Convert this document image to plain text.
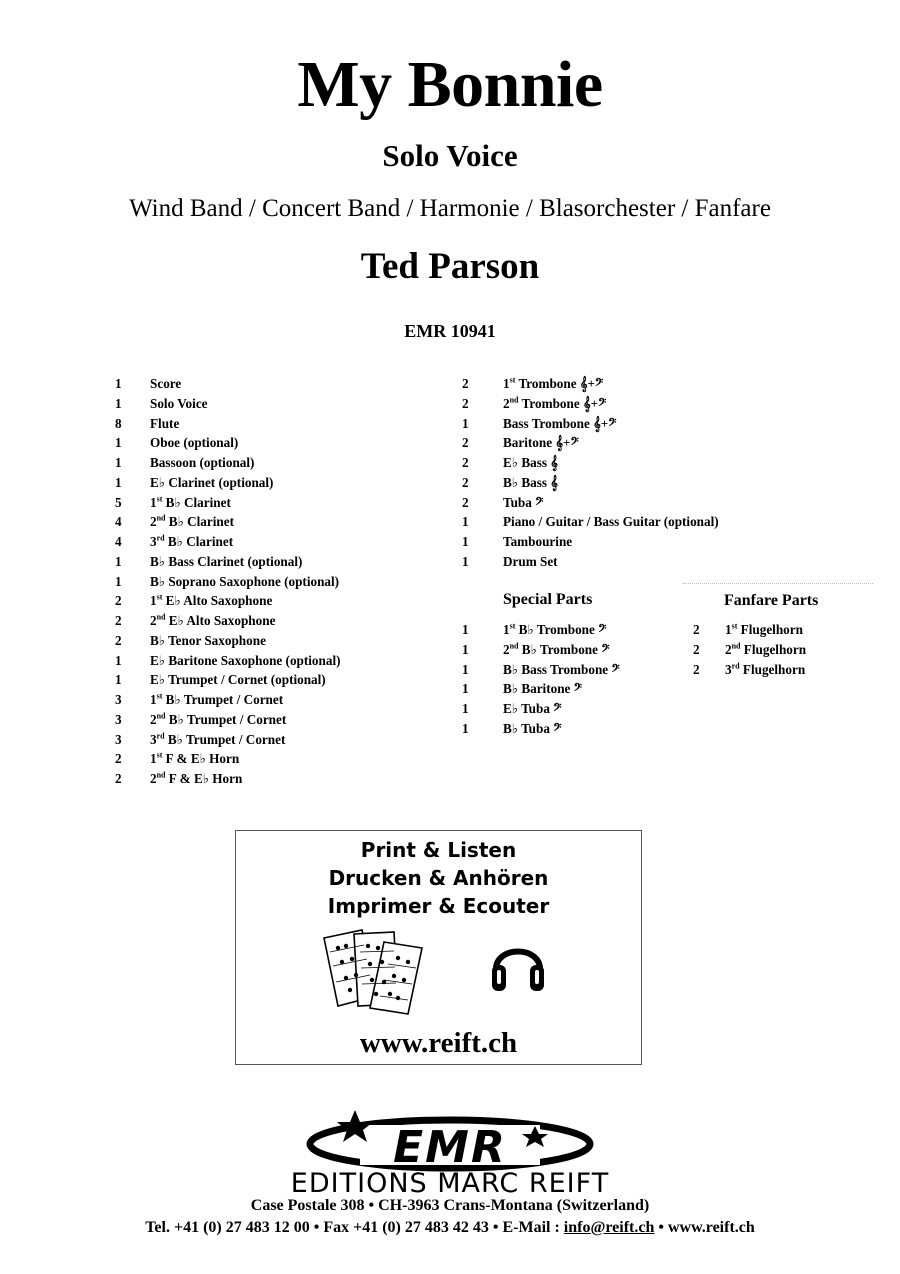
My Bonnie
Solo Voice
Wind Band / Concert Band / Harmonie / Blasorchester / Fanfare
Ted Parson
EMR 10941
1	Score
1	Solo Voice
8	Flute
1	Oboe (optional)
1	Bassoon (optional)
1	E♭ Clarinet (optional)
5	1st B♭ Clarinet
4	2nd B♭ Clarinet
4	3rd B♭ Clarinet
1	B♭ Bass Clarinet (optional)
1	B♭ Soprano Saxophone (optional)
2	1st E♭ Alto Saxophone
2	2nd E♭ Alto Saxophone
2	B♭ Tenor Saxophone
1	E♭ Baritone Saxophone (optional)
1	E♭ Trumpet / Cornet (optional)
3	1st B♭ Trumpet / Cornet
3	2nd B♭ Trumpet / Cornet
3	3rd B♭ Trumpet / Cornet
2	1st F & E♭ Horn
2	2nd F & E♭ Horn
2	1st Trombone 𝄞+𝄢
2	2nd Trombone 𝄞+𝄢
1	Bass Trombone 𝄞+𝄢
2	Baritone 𝄞+𝄢
2	E♭ Bass 𝄞
2	B♭ Bass 𝄞
2	Tuba 𝄢
1	Piano / Guitar / Bass Guitar (optional)
1	Tambourine
1	Drum Set
Special Parts
1	1st B♭ Trombone 𝄢
1	2nd B♭ Trombone 𝄢
1	B♭ Bass Trombone 𝄢
1	B♭ Baritone 𝄢
1	E♭ Tuba 𝄢
1	B♭ Tuba 𝄢
Fanfare Parts
2	1st Flugelhorn
2	2nd Flugelhorn
2	3rd Flugelhorn
Print & Listen
Drucken & Anhören
Imprimer & Ecouter
www.reift.ch
EMR
EDITIONS MARC REIFT
Case Postale 308 • CH-3963 Crans-Montana (Switzerland)
Tel. +41 (0) 27 483 12 00 • Fax +41 (0) 27 483 42 43 • E-Mail : info@reift.ch • www.reift.ch
